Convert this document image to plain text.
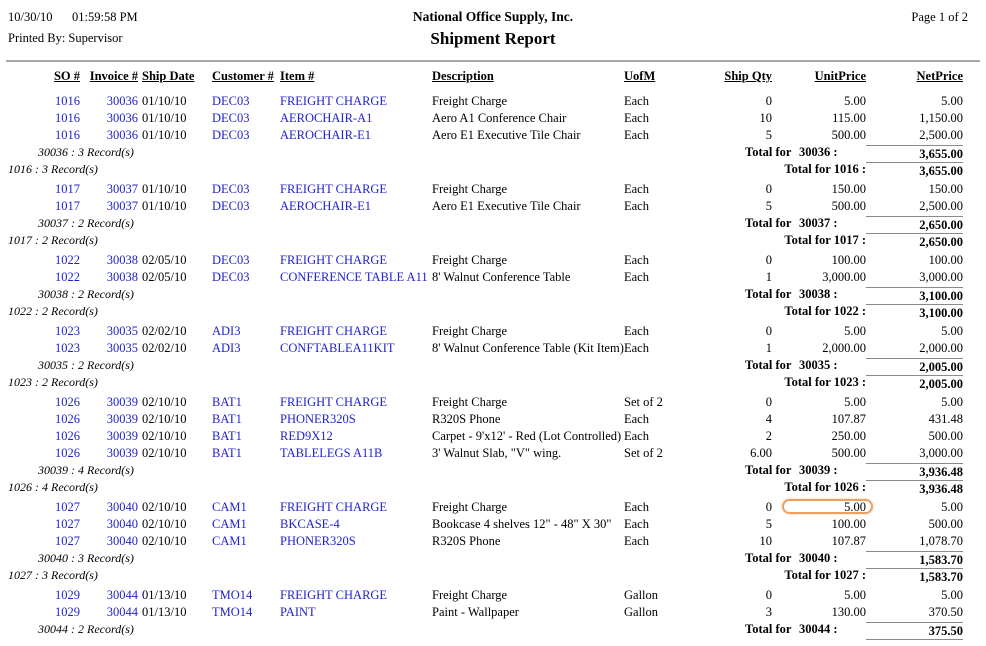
10/30/10 01:59:58 PM	National Office Supply, Inc.	Page 1 of 2
Printed By: Supervisor	Shipment Report
SO # Invoice # Ship Date	Customer # Item #	Description	UofM	Ship Qty	UnitPrice	NetPrice
1016	30036 01/10/10	DEC03	FREIGHT CHARGE	Freight Charge	Each	0	5.00	5.00
1016	30036 01/10/10	DEC03	AEROCHAIR-A1	Aero A1 Conference Chair	Each	10	115.00	1,150.00
1016	30036 01/10/10	DEC03	AEROCHAIR-E1	Aero E1 Executive Tile Chair	Each	5	500.00	2,500.00
30036 : 3 Record(s)	Total for 30036 :	3,655.00
1016 : 3 Record(s)	Total for 1016 :	3,655.00
1017	30037 01/10/10	DEC03	FREIGHT CHARGE	Freight Charge	Each	0	150.00	150.00
1017	30037 01/10/10	DEC03	AEROCHAIR-E1	Aero E1 Executive Tile Chair	Each	5	500.00	2,500.00
30037 : 2 Record(s)	Total for 30037 :	2,650.00
1017 : 2 Record(s)	Total for 1017 :	2,650.00
1022	30038 02/05/10	DEC03	FREIGHT CHARGE	Freight Charge	Each	0	100.00	100.00
1022	30038 02/05/10	DEC03	CONFERENCE TABLE A11 8' Walnut Conference Table	Each	1	3,000.00	3,000.00
30038 : 2 Record(s)	Total for 30038 :	3,100.00
1022 : 2 Record(s)	Total for 1022 :	3,100.00
1023	30035 02/02/10	ADI3	FREIGHT CHARGE	Freight Charge	Each	0	5.00	5.00
1023	30035 02/02/10	ADI3	CONFTABLEA11KIT	8' Walnut Conference Table (Kit Item) Each	1	2,000.00	2,000.00
30035 : 2 Record(s)	Total for 30035 :	2,005.00
1023 : 2 Record(s)	Total for 1023 :	2,005.00
1026	30039 02/10/10	BAT1	FREIGHT CHARGE	Freight Charge	Set of 2	0	5.00	5.00
1026	30039 02/10/10	BAT1	PHONER320S	R320S Phone	Each	4	107.87	431.48
1026	30039 02/10/10	BAT1	RED9X12	Carpet - 9'x12' - Red (Lot Controlled) Each	2	250.00	500.00
1026	30039 02/10/10	BAT1	TABLELEGS A11B	3' Walnut Slab, "V" wing.	Set of 2	6.00	500.00	3,000.00
30039 : 4 Record(s)	Total for 30039 :	3,936.48
1026 : 4 Record(s)	Total for 1026 :	3,936.48
1027	30040 02/10/10	CAM1	FREIGHT CHARGE	Freight Charge	Each	0	5.00	5.00
1027	30040 02/10/10	CAM1	BKCASE-4	Bookcase 4 shelves 12" - 48" X 30" Each	5	100.00	500.00
1027	30040 02/10/10	CAM1	PHONER320S	R320S Phone	Each	10	107.87	1,078.70
30040 : 3 Record(s)	Total for 30040 :	1,583.70
1027 : 3 Record(s)	Total for 1027 :	1,583.70
1029	30044 01/13/10	TMO14	FREIGHT CHARGE	Freight Charge	Gallon	0	5.00	5.00
1029	30044 01/13/10	TMO14	PAINT	Paint - Wallpaper	Gallon	3	130.00	370.50
30044 : 2 Record(s)	Total for 30044 :	375.50
